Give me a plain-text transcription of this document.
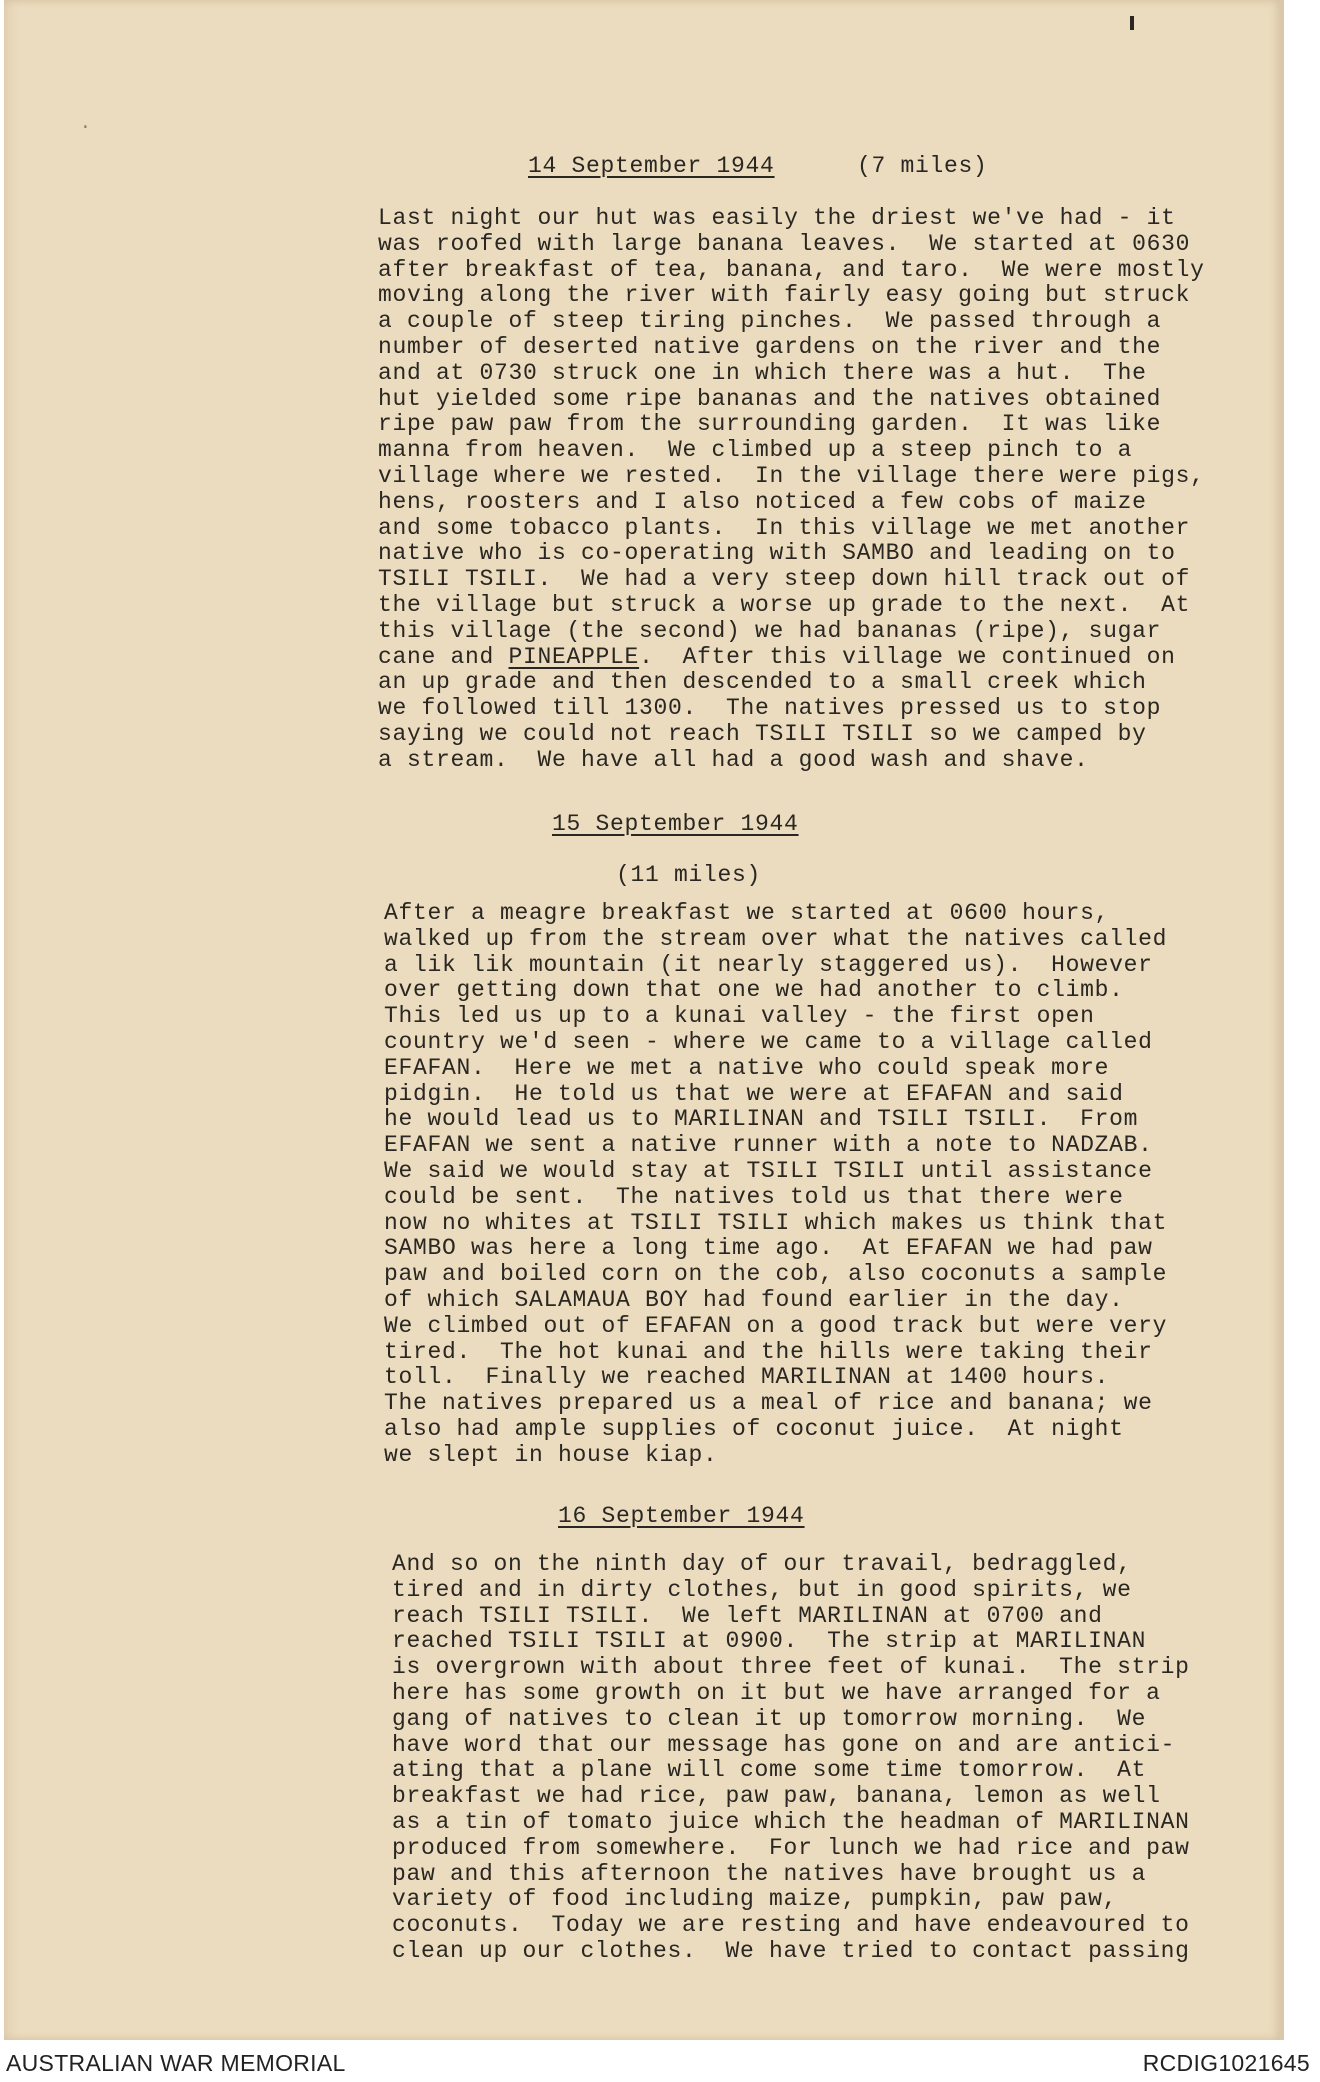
·
14 September 1944	(7 miles)
Last night our hut was easily the driest we've had - it
was roofed with large banana leaves.  We started at 0630
after breakfast of tea, banana, and taro.  We were mostly
moving along the river with fairly easy going but struck
a couple of steep tiring pinches.  We passed through a
number of deserted native gardens on the river and the
and at 0730 struck one in which there was a hut.  The
hut yielded some ripe bananas and the natives obtained
ripe paw paw from the surrounding garden.  It was like
manna from heaven.  We climbed up a steep pinch to a
village where we rested.  In the village there were pigs,
hens, roosters and I also noticed a few cobs of maize
and some tobacco plants.  In this village we met another
native who is co-operating with SAMBO and leading on to
TSILI TSILI.  We had a very steep down hill track out of
the village but struck a worse up grade to the next.  At
this village (the second) we had bananas (ripe), sugar
cane and PINEAPPLE.  After this village we continued on
an up grade and then descended to a small creek which
we followed till 1300.  The natives pressed us to stop
saying we could not reach TSILI TSILI so we camped by
a stream.  We have all had a good wash and shave.
15 September 1944
(11 miles)
After a meagre breakfast we started at 0600 hours,
walked up from the stream over what the natives called
a lik lik mountain (it nearly staggered us).  However
over getting down that one we had another to climb.
This led us up to a kunai valley - the first open
country we'd seen - where we came to a village called
EFAFAN.  Here we met a native who could speak more
pidgin.  He told us that we were at EFAFAN and said
he would lead us to MARILINAN and TSILI TSILI.  From
EFAFAN we sent a native runner with a note to NADZAB.
We said we would stay at TSILI TSILI until assistance
could be sent.  The natives told us that there were
now no whites at TSILI TSILI which makes us think that
SAMBO was here a long time ago.  At EFAFAN we had paw
paw and boiled corn on the cob, also coconuts a sample
of which SALAMAUA BOY had found earlier in the day.
We climbed out of EFAFAN on a good track but were very
tired.  The hot kunai and the hills were taking their
toll.  Finally we reached MARILINAN at 1400 hours.
The natives prepared us a meal of rice and banana; we
also had ample supplies of coconut juice.  At night
we slept in house kiap.
16 September 1944
And so on the ninth day of our travail, bedraggled,
tired and in dirty clothes, but in good spirits, we
reach TSILI TSILI.  We left MARILINAN at 0700 and
reached TSILI TSILI at 0900.  The strip at MARILINAN
is overgrown with about three feet of kunai.  The strip
here has some growth on it but we have arranged for a
gang of natives to clean it up tomorrow morning.  We
have word that our message has gone on and are antici-
ating that a plane will come some time tomorrow.  At
breakfast we had rice, paw paw, banana, lemon as well
as a tin of tomato juice which the headman of MARILINAN
produced from somewhere.  For lunch we had rice and paw
paw and this afternoon the natives have brought us a
variety of food including maize, pumpkin, paw paw,
coconuts.  Today we are resting and have endeavoured to
clean up our clothes.  We have tried to contact passing
AUSTRALIAN WAR MEMORIAL	RCDIG1021645
